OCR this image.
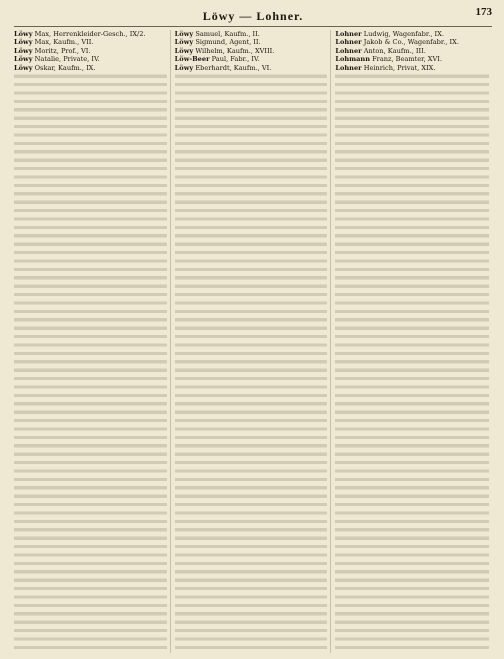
Löwy — Lohner.	173

Löwy Max, Herrenkleider-Gesch., IX/2.

Löwy Max, Kaufm., VII.

Löwy Moritz, Prof., VI.

Löwy Natalie, Private, IV.

Löwy Oskar, Kaufm., IX.

Löwy Samuel, Kaufm., II.

Löwy Sigmund, Agent, II.

Löwy Wilhelm, Kaufm., XVIII.

Löw-Beer Paul, Fabr., IV.

Löwy Eberhardt, Kaufm., VI.

Lohner Ludwig, Wagenfabr., IX.

Lohner Jakob & Co., Wagenfabr., IX.

Lohner Anton, Kaufm., III.

Lohmann Franz, Beamter, XVI.

Lohner Heinrich, Privat, XIX.
